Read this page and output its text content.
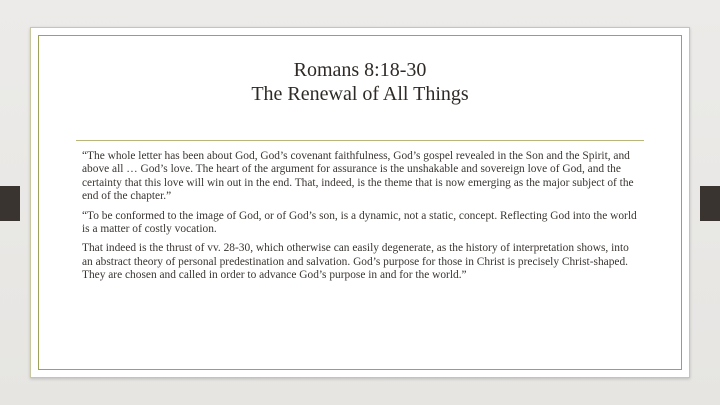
Romans 8:18-30
The Renewal of All Things

“The whole letter has been about God, God’s covenant faithfulness, God’s gospel revealed in the Son and the Spirit, and above all … God’s love. The heart of the argument for assurance is the unshakable and sovereign love of God, and the certainty that this love will win out in the end. That, indeed, is the theme that is now emerging as the major subject of the end of the chapter.”

“To be conformed to the image of God, or of God’s son, is a dynamic, not a static, concept. Reflecting God into the world is a matter of costly vocation.

That indeed is the thrust of vv. 28-30, which otherwise can easily degenerate, as the history of interpretation shows, into an abstract theory of personal predestination and salvation. God’s purpose for those in Christ is precisely Christ-shaped. They are chosen and called in order to advance God’s purpose in and for the world.”
